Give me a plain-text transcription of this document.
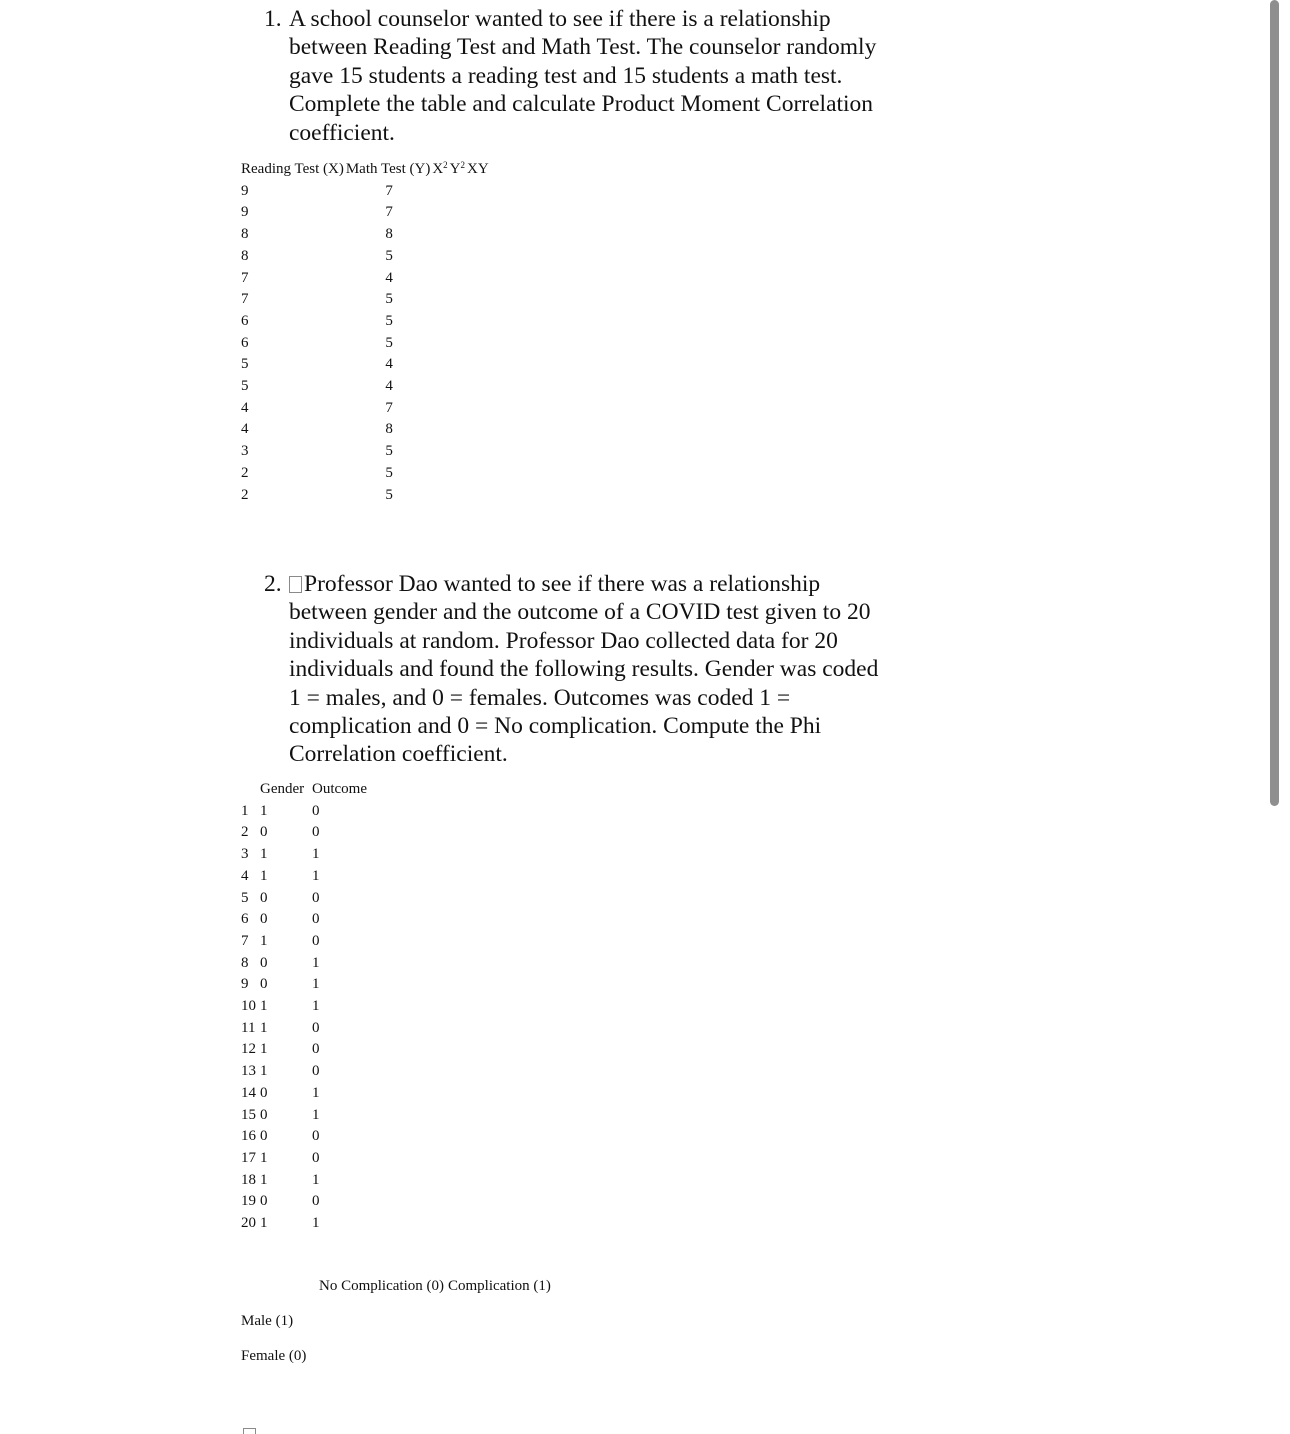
1. A school counselor wanted to see if there is a relationship between Reading Test and Math Test. The counselor randomly gave 15 students a reading test and 15 students a math test. Complete the table and calculate Product Moment Correlation coefficient.
Reading Test (X)	Math Test (Y)	$X^2$	$Y^2$	XY
9	7			
9	7			
8	8			
8	5			
7	4			
7	5			
6	5			
6	5			
5	4			
5	4			
4	7			
4	8			
3	5			
2	5			
2	5			
2. Professor Dao wanted to see if there was a relationship between gender and the outcome of a COVID test given to 20 individuals at random. Professor Dao collected data for 20 individuals and found the following results. Gender was coded 1 = males, and 0 = females. Outcomes was coded 1 = complication and 0 = No complication. Compute the Phi Correlation coefficient.
	Gender	Outcome
1	1	0
2	0	0
3	1	1
4	1	1
5	0	0
6	0	0
7	1	0
8	0	1
9	0	1
10	1	1
11	1	0
12	1	0
13	1	0
14	0	1
15	0	1
16	0	0
17	1	0
18	1	1
19	0	0
20	1	1
	No Complication (0)	Complication (1)

Male (1)

Female (0)
